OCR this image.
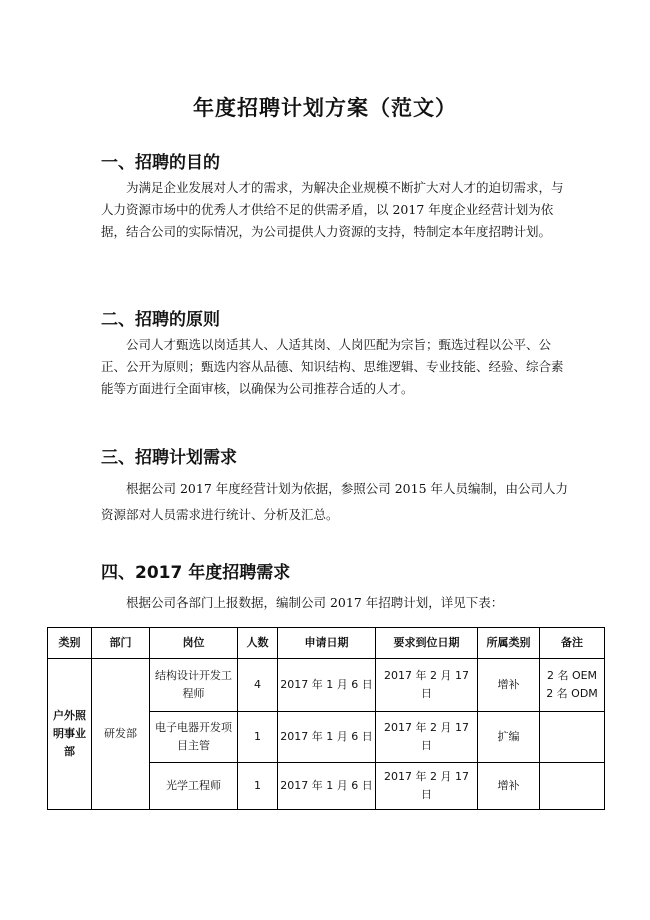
年度招聘计划方案（范文）
一、招聘的目的
为满足企业发展对人才的需求，为解决企业规模不断扩大对人才的迫切需求，与人力资源市场中的优秀人才供给不足的供需矛盾，以 2017 年度企业经营计划为依据，结合公司的实际情况，为公司提供人力资源的支持，特制定本年度招聘计划。
二、招聘的原则
公司人才甄选以岗适其人、人适其岗、人岗匹配为宗旨；甄选过程以公平、公正、公开为原则；甄选内容从品德、知识结构、思维逻辑、专业技能、经验、综合素能等方面进行全面审核，以确保为公司推荐合适的人才。
三、招聘计划需求
根据公司 2017 年度经营计划为依据，参照公司 2015 年人员编制，由公司人力资源部对人员需求进行统计、分析及汇总。
四、2017 年度招聘需求
根据公司各部门上报数据，编制公司 2017 年招聘计划，详见下表：
类别	部门	岗位	人数	申请日期	要求到位日期	所属类别	备注
户外照明事业部	研发部	结构设计开发工程师	4	2017 年 1 月 6 日	2017 年 2 月 17 日	增补	2 名 OEM 2 名 ODM
		电子电器开发项目主管	1	2017 年 1 月 6 日	2017 年 2 月 17 日	扩编	
		光学工程师	1	2017 年 1 月 6 日	2017 年 2 月 17 日	增补	
